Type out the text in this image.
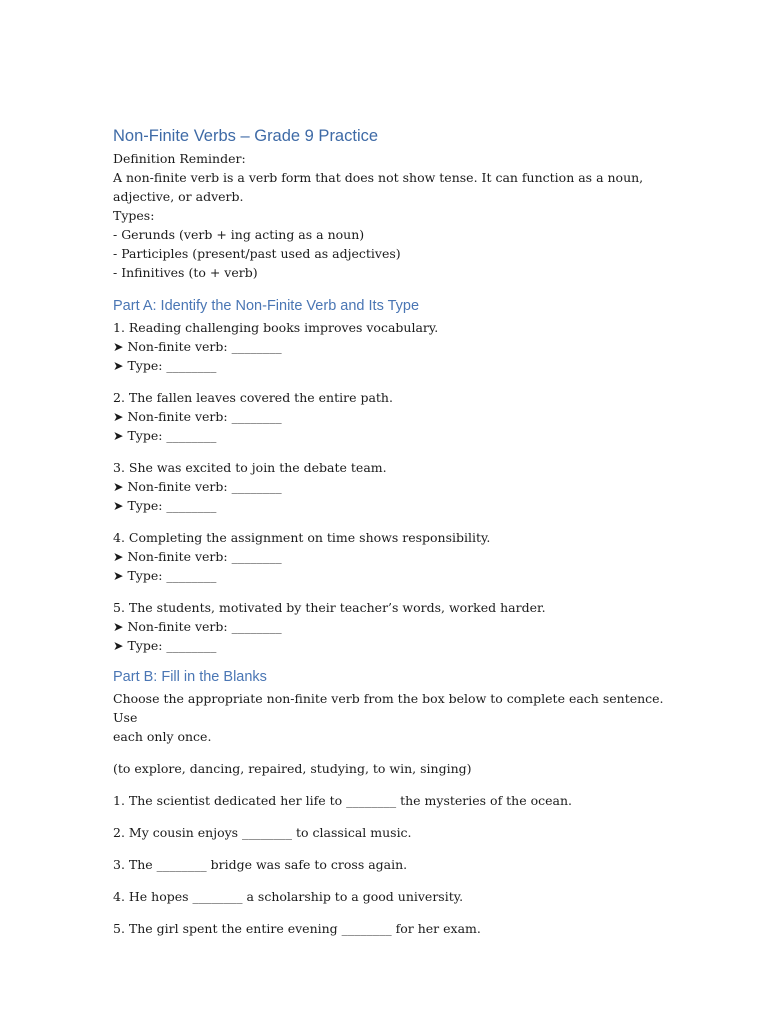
Non-Finite Verbs – Grade 9 Practice

Definition Reminder:

A non-finite verb is a verb form that does not show tense. It can function as a noun,

adjective, or adverb.

Types:

- Gerunds (verb + ing acting as a noun)

- Participles (present/past used as adjectives)

- Infinitives (to + verb)

Part A: Identify the Non-Finite Verb and Its Type

1. Reading challenging books improves vocabulary.

➤ Non-finite verb: ________

➤ Type: ________

2. The fallen leaves covered the entire path.

➤ Non-finite verb: ________

➤ Type: ________

3. She was excited to join the debate team.

➤ Non-finite verb: ________

➤ Type: ________

4. Completing the assignment on time shows responsibility.

➤ Non-finite verb: ________

➤ Type: ________

5. The students, motivated by their teacher’s words, worked harder.

➤ Non-finite verb: ________

➤ Type: ________

Part B: Fill in the Blanks

Choose the appropriate non-finite verb from the box below to complete each sentence. Use

each only once.

(to explore, dancing, repaired, studying, to win, singing)

1. The scientist dedicated her life to ________ the mysteries of the ocean.

2. My cousin enjoys ________ to classical music.

3. The ________ bridge was safe to cross again.

4. He hopes ________ a scholarship to a good university.

5. The girl spent the entire evening ________ for her exam.
